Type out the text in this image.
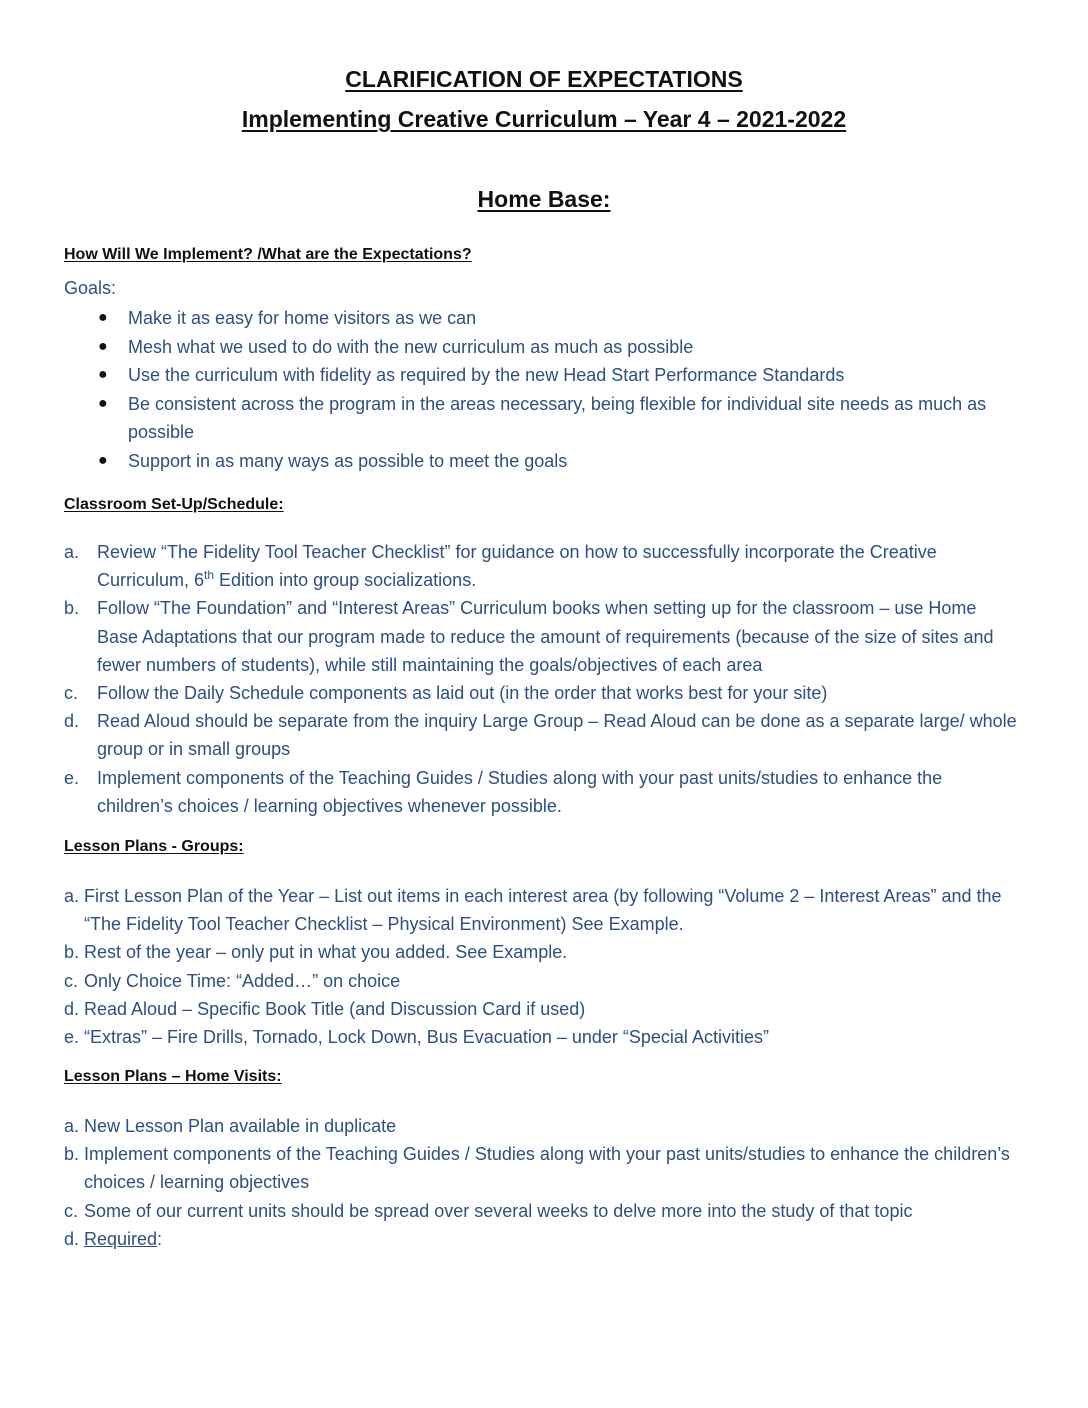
CLARIFICATION OF EXPECTATIONS
Implementing Creative Curriculum – Year 4 – 2021-2022
Home Base:

How Will We Implement? /What are the Expectations?

Goals:

● Make it as easy for home visitors as we can
● Mesh what we used to do with the new curriculum as much as possible
● Use the curriculum with fidelity as required by the new Head Start Performance Standards
● Be consistent across the program in the areas necessary, being flexible for individual site needs as much as possible
● Support in as many ways as possible to meet the goals

Classroom Set-Up/Schedule:

a. Review “The Fidelity Tool Teacher Checklist” for guidance on how to successfully incorporate the Creative Curriculum, 6th Edition into group socializations.
b. Follow “The Foundation” and “Interest Areas” Curriculum books when setting up for the classroom – use Home Base Adaptations that our program made to reduce the amount of requirements (because of the size of sites and fewer numbers of students), while still maintaining the goals/objectives of each area
c. Follow the Daily Schedule components as laid out (in the order that works best for your site)
d. Read Aloud should be separate from the inquiry Large Group – Read Aloud can be done as a separate large/ whole group or in small groups
e. Implement components of the Teaching Guides / Studies along with your past units/studies to enhance the children’s choices / learning objectives whenever possible.

Lesson Plans - Groups:

a. First Lesson Plan of the Year – List out items in each interest area (by following “Volume 2 – Interest Areas” and the “The Fidelity Tool Teacher Checklist – Physical Environment) See Example.
b. Rest of the year – only put in what you added. See Example.
c. Only Choice Time: “Added…” on choice
d. Read Aloud – Specific Book Title (and Discussion Card if used)
e. “Extras” – Fire Drills, Tornado, Lock Down, Bus Evacuation – under “Special Activities”

Lesson Plans – Home Visits:

a. New Lesson Plan available in duplicate
b. Implement components of the Teaching Guides / Studies along with your past units/studies to enhance the children’s choices / learning objectives
c. Some of our current units should be spread over several weeks to delve more into the study of that topic
d. Required:
